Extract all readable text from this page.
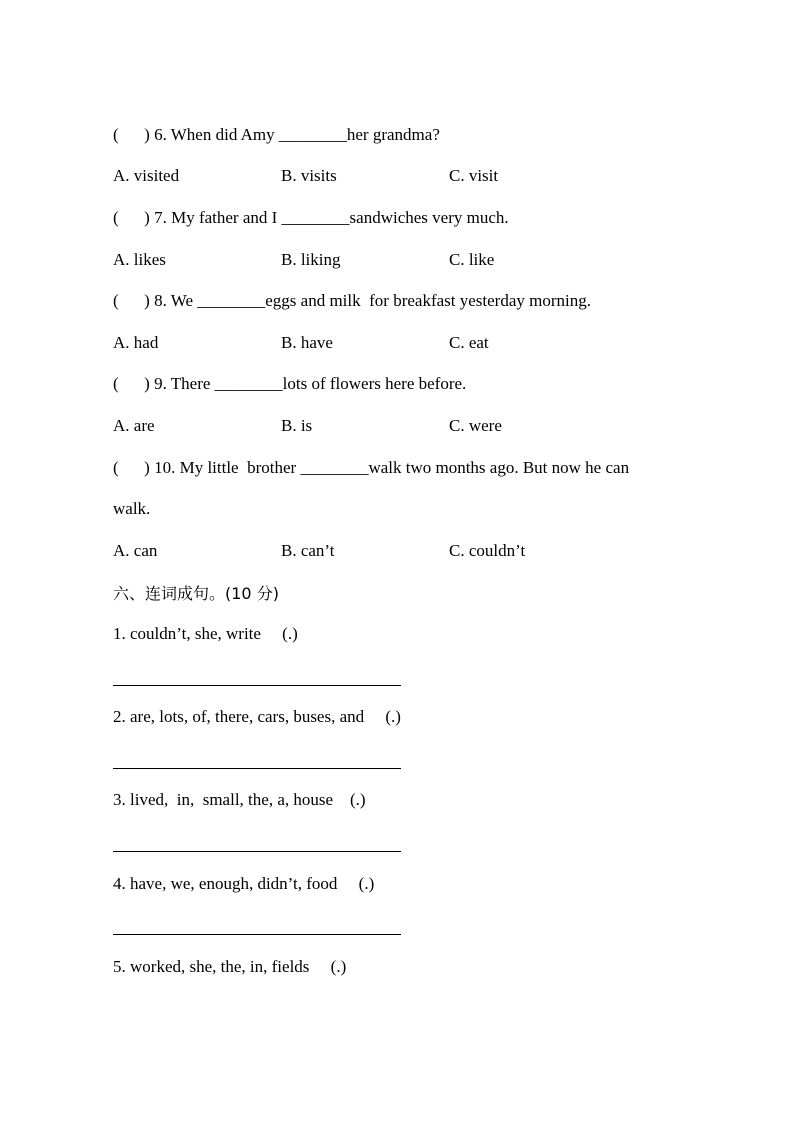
(      ) 6. When did Amy ________her grandma?
A. visited	B. visits	C. visit
(      ) 7. My father and I ________sandwiches very much.
A. likes	B. liking	C. like
(      ) 8. We ________eggs and milk  for breakfast yesterday morning.
A. had	B. have	C. eat
(      ) 9. There ________lots of flowers here before.
A. are	B. is	C. were
(      ) 10. My little  brother ________walk two months ago. But now he can
walk.
A. can	B. can’t	C. couldn’t
六、连词成句。(10 分)
1. couldn’t, she, write     (.)
2. are, lots, of, there, cars, buses, and     (.)
3. lived,  in,  small, the, a, house    (.)
4. have, we, enough, didn’t, food     (.)
5. worked, she, the, in, fields     (.)
